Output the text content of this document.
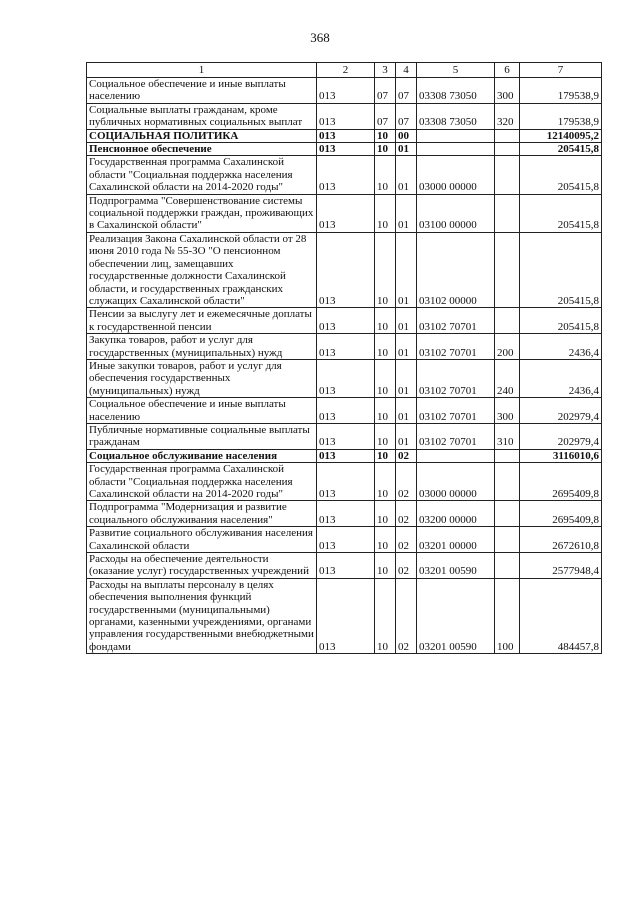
368
1	2	3	4	5	6	7
Социальное обеспечение и иные выплаты населению	013	07	07	03308 73050	300	179538,9
Социальные выплаты гражданам, кроме публичных нормативных социальных выплат	013	07	07	03308 73050	320	179538,9
СОЦИАЛЬНАЯ ПОЛИТИКА	013	10	00			12140095,2
Пенсионное обеспечение	013	10	01			205415,8
Государственная программа Сахалинской области "Социальная поддержка населения Сахалинской области на 2014-2020 годы"	013	10	01	03000 00000		205415,8
Подпрограмма "Совершенствование системы социальной поддержки граждан, проживающих в Сахалинской области"	013	10	01	03100 00000		205415,8
Реализация Закона Сахалинской области от 28 июня 2010 года № 55-ЗО "О пенсионном обеспечении лиц, замещавших государственные должности Сахалинской области, и государственных гражданских служащих Сахалинской области"	013	10	01	03102 00000		205415,8
Пенсии за выслугу лет и ежемесячные доплаты к государственной пенсии	013	10	01	03102 70701		205415,8
Закупка товаров, работ и услуг для государственных (муниципальных) нужд	013	10	01	03102 70701	200	2436,4
Иные закупки товаров, работ и услуг для обеспечения государственных (муниципальных) нужд	013	10	01	03102 70701	240	2436,4
Социальное обеспечение и иные выплаты населению	013	10	01	03102 70701	300	202979,4
Публичные нормативные социальные выплаты гражданам	013	10	01	03102 70701	310	202979,4
Социальное обслуживание населения	013	10	02			3116010,6
Государственная программа Сахалинской области "Социальная поддержка населения Сахалинской области на 2014-2020 годы"	013	10	02	03000 00000		2695409,8
Подпрограмма "Модернизация и развитие социального обслуживания населения"	013	10	02	03200 00000		2695409,8
Развитие социального обслуживания населения Сахалинской области	013	10	02	03201 00000		2672610,8
Расходы на обеспечение деятельности (оказание услуг) государственных учреждений	013	10	02	03201 00590		2577948,4
Расходы на выплаты персоналу в целях обеспечения выполнения функций государственными (муниципальными) органами, казенными учреждениями, органами управления государственными внебюджетными фондами	013	10	02	03201 00590	100	484457,8
